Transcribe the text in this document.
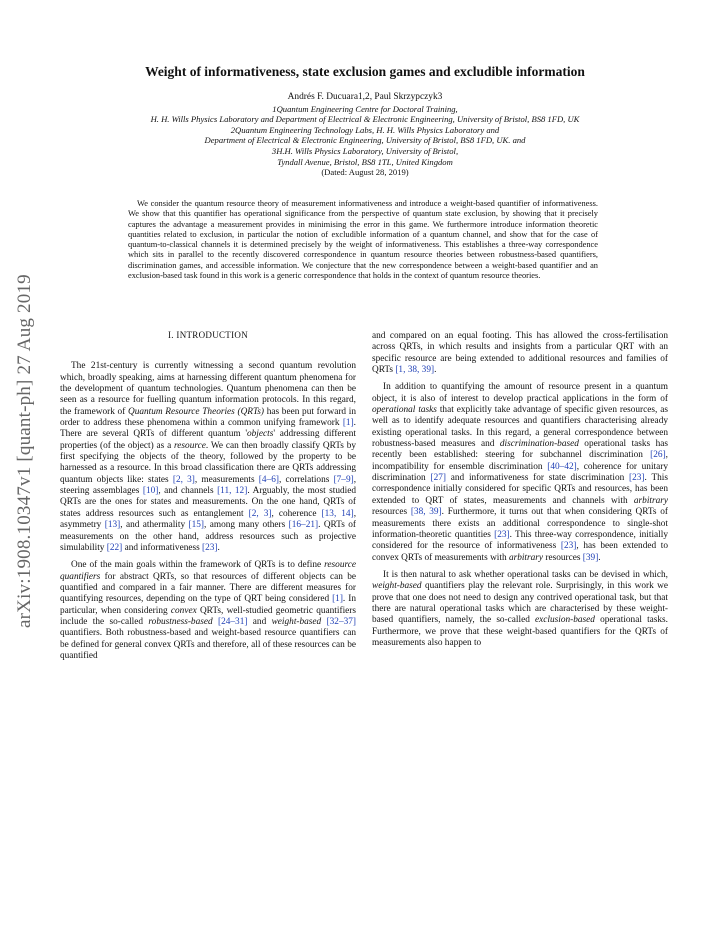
arXiv:1908.10347v1 [quant-ph] 27 Aug 2019
Weight of informativeness, state exclusion games and excludible information
Andrés F. Ducuara1,2, Paul Skrzypczyk3
1Quantum Engineering Centre for Doctoral Training,
H. H. Wills Physics Laboratory and Department of Electrical & Electronic Engineering, University of Bristol, BS8 1FD, UK
2Quantum Engineering Technology Labs, H. H. Wills Physics Laboratory and
Department of Electrical & Electronic Engineering, University of Bristol, BS8 1FD, UK. and
3H.H. Wills Physics Laboratory, University of Bristol,
Tyndall Avenue, Bristol, BS8 1TL, United Kingdom
(Dated: August 28, 2019)
We consider the quantum resource theory of measurement informativeness and introduce a weight-based quantifier of informativeness. We show that this quantifier has operational significance from the perspective of quantum state exclusion, by showing that it precisely captures the advantage a measurement provides in minimising the error in this game. We furthermore introduce information theoretic quantities related to exclusion, in particular the notion of excludible information of a quantum channel, and show that for the case of quantum-to-classical channels it is determined precisely by the weight of informativeness. This establishes a three-way correspondence which sits in parallel to the recently discovered correspondence in quantum resource theories between robustness-based quantifiers, discrimination games, and accessible information. We conjecture that the new correspondence between a weight-based quantifier and an exclusion-based task found in this work is a generic correspondence that holds in the context of quantum resource theories.
I. INTRODUCTION

The 21st-century is currently witnessing a second quantum revolution which, broadly speaking, aims at harnessing different quantum phenomena for the development of quantum technologies. Quantum phenomena can then be seen as a resource for fuelling quantum information protocols. In this regard, the framework of Quantum Resource Theories (QRTs) has been put forward in order to address these phenomena within a common unifying framework [1]. There are several QRTs of different quantum 'objects' addressing different properties (of the object) as a resource. We can then broadly classify QRTs by first specifying the objects of the theory, followed by the property to be harnessed as a resource. In this broad classification there are QRTs addressing quantum objects like: states [2, 3], measurements [4–6], correlations [7–9], steering assemblages [10], and channels [11, 12]. Arguably, the most studied QRTs are the ones for states and measurements. On the one hand, QRTs of states address resources such as entanglement [2, 3], coherence [13, 14], asymmetry [13], and athermality [15], among many others [16–21]. QRTs of measurements on the other hand, address resources such as projective simulability [22] and informativeness [23].

One of the main goals within the framework of QRTs is to define resource quantifiers for abstract QRTs, so that resources of different objects can be quantified and compared in a fair manner. There are different measures for quantifying resources, depending on the type of QRT being considered [1]. In particular, when considering convex QRTs, well-studied geometric quantifiers include the so-called robustness-based [24–31] and weight-based [32–37] quantifiers. Both robustness-based and weight-based resource quantifiers can be defined for general convex QRTs and therefore, all of these resources can be quantified

and compared on an equal footing. This has allowed the cross-fertilisation across QRTs, in which results and insights from a particular QRT with an specific resource are being extended to additional resources and families of QRTs [1, 38, 39].

In addition to quantifying the amount of resource present in a quantum object, it is also of interest to develop practical applications in the form of operational tasks that explicitly take advantage of specific given resources, as well as to identify adequate resources and quantifiers characterising already existing operational tasks. In this regard, a general correspondence between robustness-based measures and discrimination-based operational tasks has recently been established: steering for subchannel discrimination [26], incompatibility for ensemble discrimination [40–42], coherence for unitary discrimination [27] and informativeness for state discrimination [23]. This correspondence initially considered for specific QRTs and resources, has been extended to QRT of states, measurements and channels with arbitrary resources [38, 39]. Furthermore, it turns out that when considering QRTs of measurements there exists an additional correspondence to single-shot information-theoretic quantities [23]. This three-way correspondence, initially considered for the resource of informativeness [23], has been extended to convex QRTs of measurements with arbitrary resources [39].

It is then natural to ask whether operational tasks can be devised in which, weight-based quantifiers play the relevant role. Surprisingly, in this work we prove that one does not need to design any contrived operational task, but that there are natural operational tasks which are characterised by these weight-based quantifiers, namely, the so-called exclusion-based operational tasks. Furthermore, we prove that these weight-based quantifiers for the QRTs of measurements also happen to
